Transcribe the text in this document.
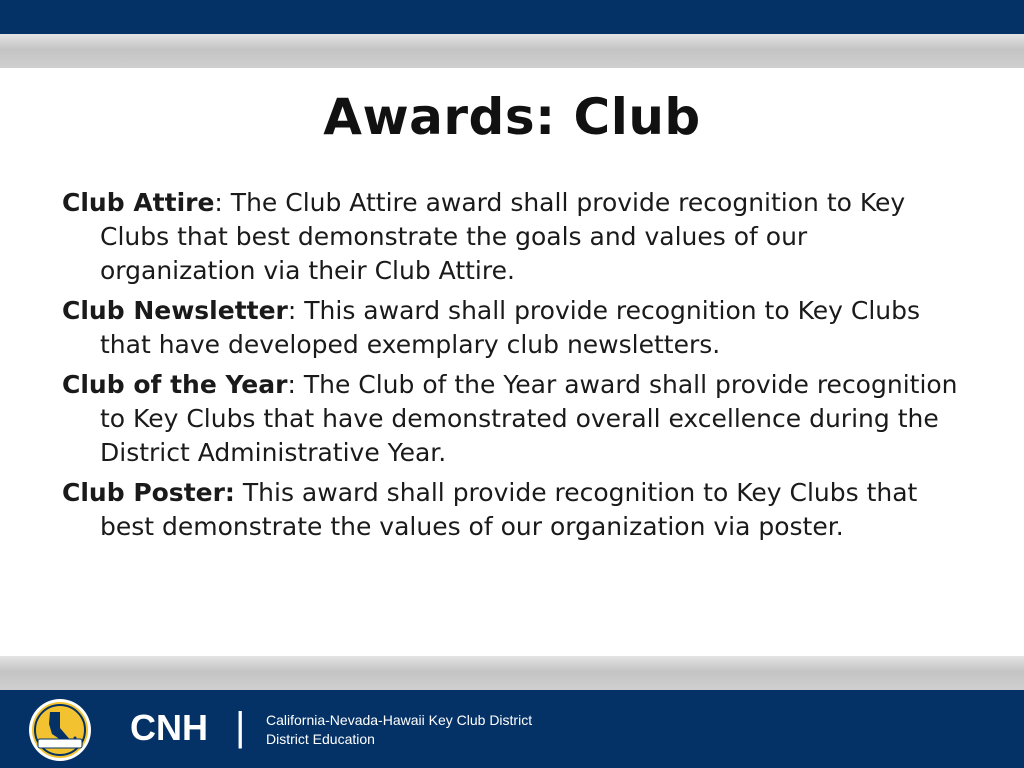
Awards: Club

Club Attire: The Club Attire award shall provide recognition to Key Clubs that best demonstrate the goals and values of our organization via their Club Attire.

Club Newsletter: This award shall provide recognition to Key Clubs that have developed exemplary club newsletters.

Club of the Year: The Club of the Year award shall provide recognition to Key Clubs that have demonstrated overall excellence during the District Administrative Year.

Club Poster: This award shall provide recognition to Key Clubs that best demonstrate the values of our organization via poster.

CNH | California-Nevada-Hawaii Key Club District
District Education
